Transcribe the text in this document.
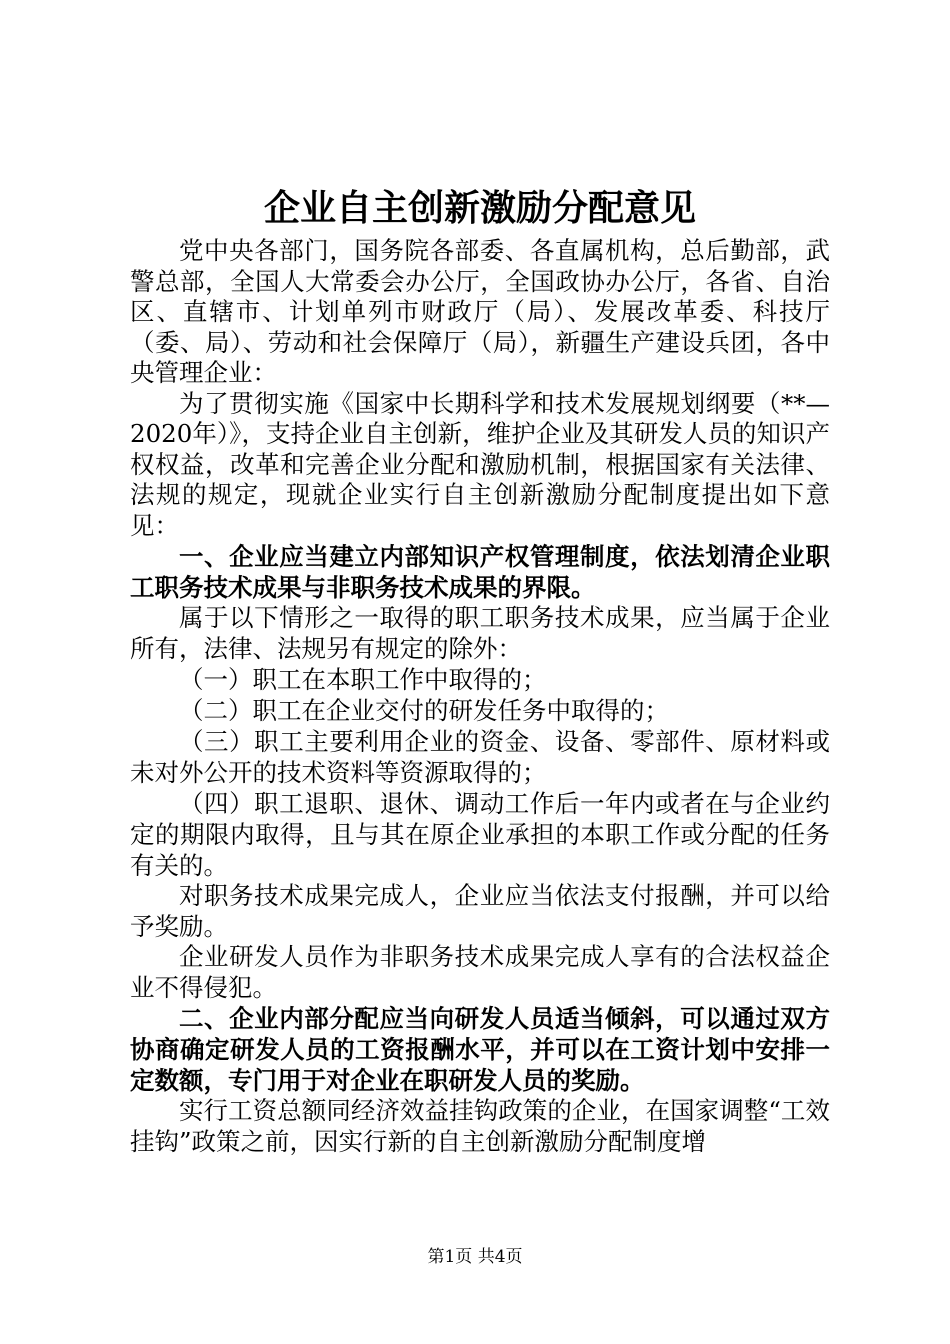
企业自主创新激励分配意见

党中央各部门，国务院各部委、各直属机构，总后勤部，武警总部，全国人大常委会办公厅，全国政协办公厅，各省、自治区、直辖市、计划单列市财政厅（局）、发展改革委、科技厅（委、局）、劳动和社会保障厅（局），新疆生产建设兵团，各中央管理企业：

为了贯彻实施《国家中长期科学和技术发展规划纲要（**—2020年）》，支持企业自主创新，维护企业及其研发人员的知识产权权益，改革和完善企业分配和激励机制，根据国家有关法律、法规的规定，现就企业实行自主创新激励分配制度提出如下意见：

一、企业应当建立内部知识产权管理制度，依法划清企业职工职务技术成果与非职务技术成果的界限。

属于以下情形之一取得的职工职务技术成果，应当属于企业所有，法律、法规另有规定的除外：

（一）职工在本职工作中取得的；

（二）职工在企业交付的研发任务中取得的；

（三）职工主要利用企业的资金、设备、零部件、原材料或未对外公开的技术资料等资源取得的；

（四）职工退职、退休、调动工作后一年内或者在与企业约定的期限内取得，且与其在原企业承担的本职工作或分配的任务有关的。

对职务技术成果完成人，企业应当依法支付报酬，并可以给予奖励。

企业研发人员作为非职务技术成果完成人享有的合法权益企业不得侵犯。

二、企业内部分配应当向研发人员适当倾斜，可以通过双方协商确定研发人员的工资报酬水平，并可以在工资计划中安排一定数额，专门用于对企业在职研发人员的奖励。

实行工资总额同经济效益挂钩政策的企业，在国家调整“工效挂钩”政策之前，因实行新的自主创新激励分配制度增

第1页 共4页
